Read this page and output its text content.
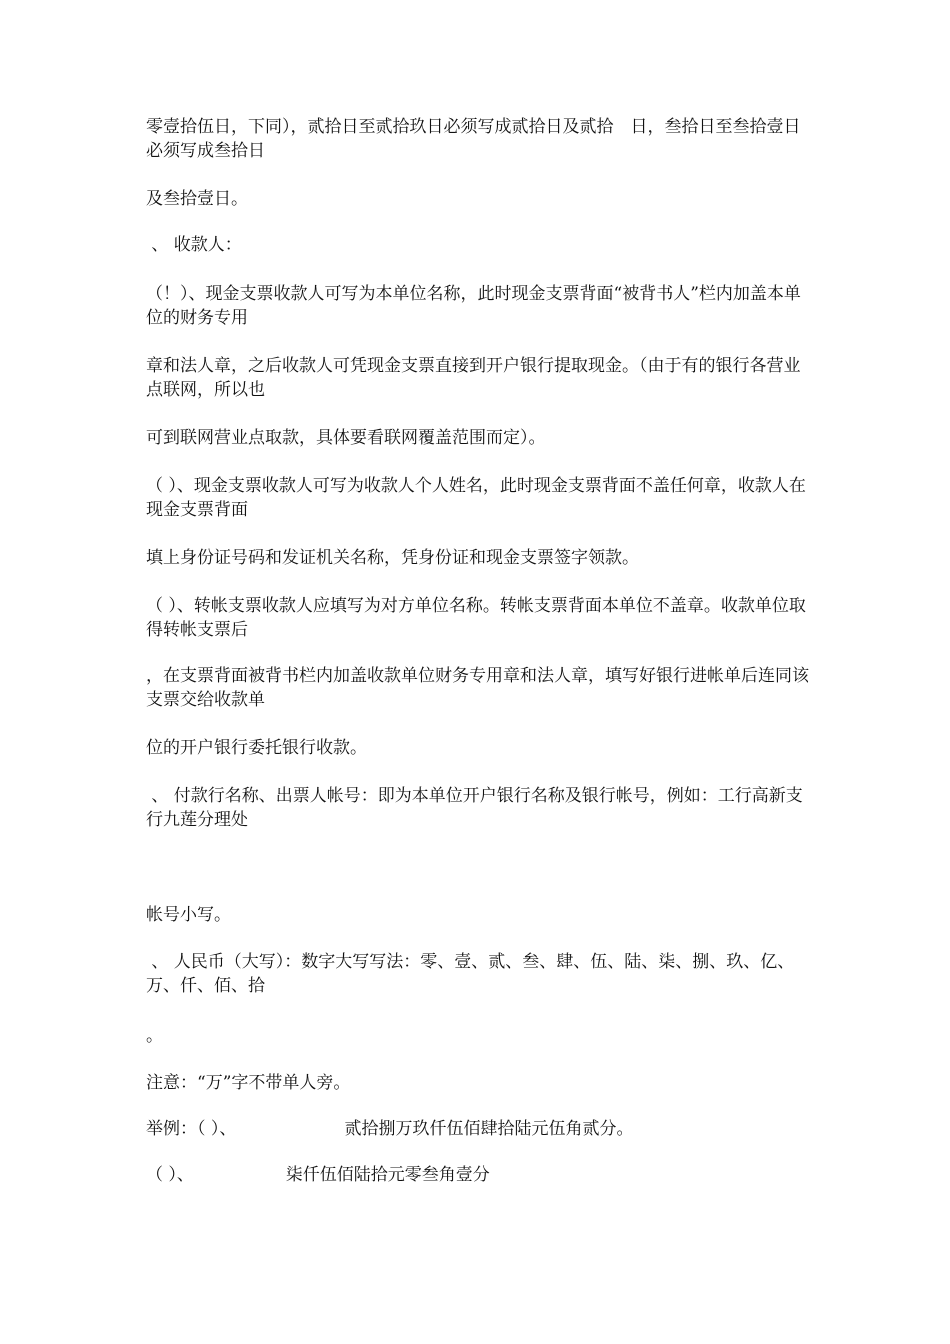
零壹拾伍日，下同），贰拾日至贰拾玖日必须写成贰拾日及贰拾　日，叁拾日至叁拾壹日必须写成叁拾日

及叁拾壹日。

、 收款人：

（！）、现金支票收款人可写为本单位名称，此时现金支票背面“被背书人”栏内加盖本单位的财务专用

章和法人章，之后收款人可凭现金支票直接到开户银行提取现金。（由于有的银行各营业点联网，所以也

可到联网营业点取款，具体要看联网覆盖范围而定）。

（ ）、现金支票收款人可写为收款人个人姓名，此时现金支票背面不盖任何章，收款人在现金支票背面

填上身份证号码和发证机关名称，凭身份证和现金支票签字领款。

（ ）、转帐支票收款人应填写为对方单位名称。转帐支票背面本单位不盖章。收款单位取得转帐支票后

，在支票背面被背书栏内加盖收款单位财务专用章和法人章，填写好银行进帐单后连同该支票交给收款单

位的开户银行委托银行收款。

、 付款行名称、出票人帐号：即为本单位开户银行名称及银行帐号，例如：工行高新支行九莲分理处

帐号小写。

、 人民币（大写）：数字大写写法：零、壹、贰、叁、肆、伍、陆、柒、捌、玖、亿、万、仟、佰、拾

。

注意：“万”字不带单人旁。

举例：（ ）、                    贰拾捌万玖仟伍佰肆拾陆元伍角贰分。

（ ）、                 柒仟伍佰陆拾元零叁角壹分
